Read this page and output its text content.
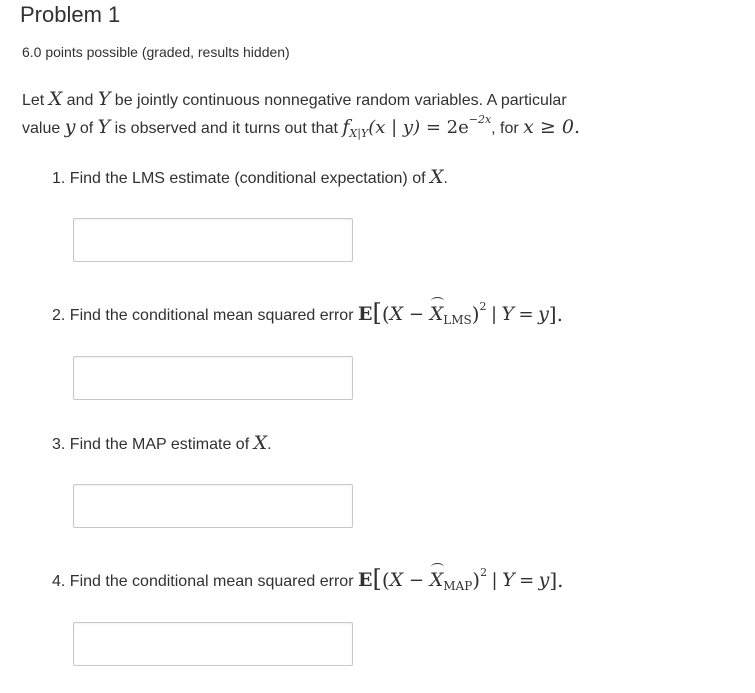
Problem 1
6.0 points possible (graded, results hidden)
Let X and Y be jointly continuous nonnegative random variables. A particular
value y of Y is observed and it turns out that $f_{X|Y}(x$ | $y) = 2e^{-2x}$, for x ≥ 0.
1. Find the LMS estimate (conditional expectation) of X.
2. Find the conditional mean squared error $E[(X - X_{LMS})^2$ | Y = y].
3. Find the MAP estimate of X.
4. Find the conditional mean squared error $E[(X - X_{MAP})^2$ | Y = y].
